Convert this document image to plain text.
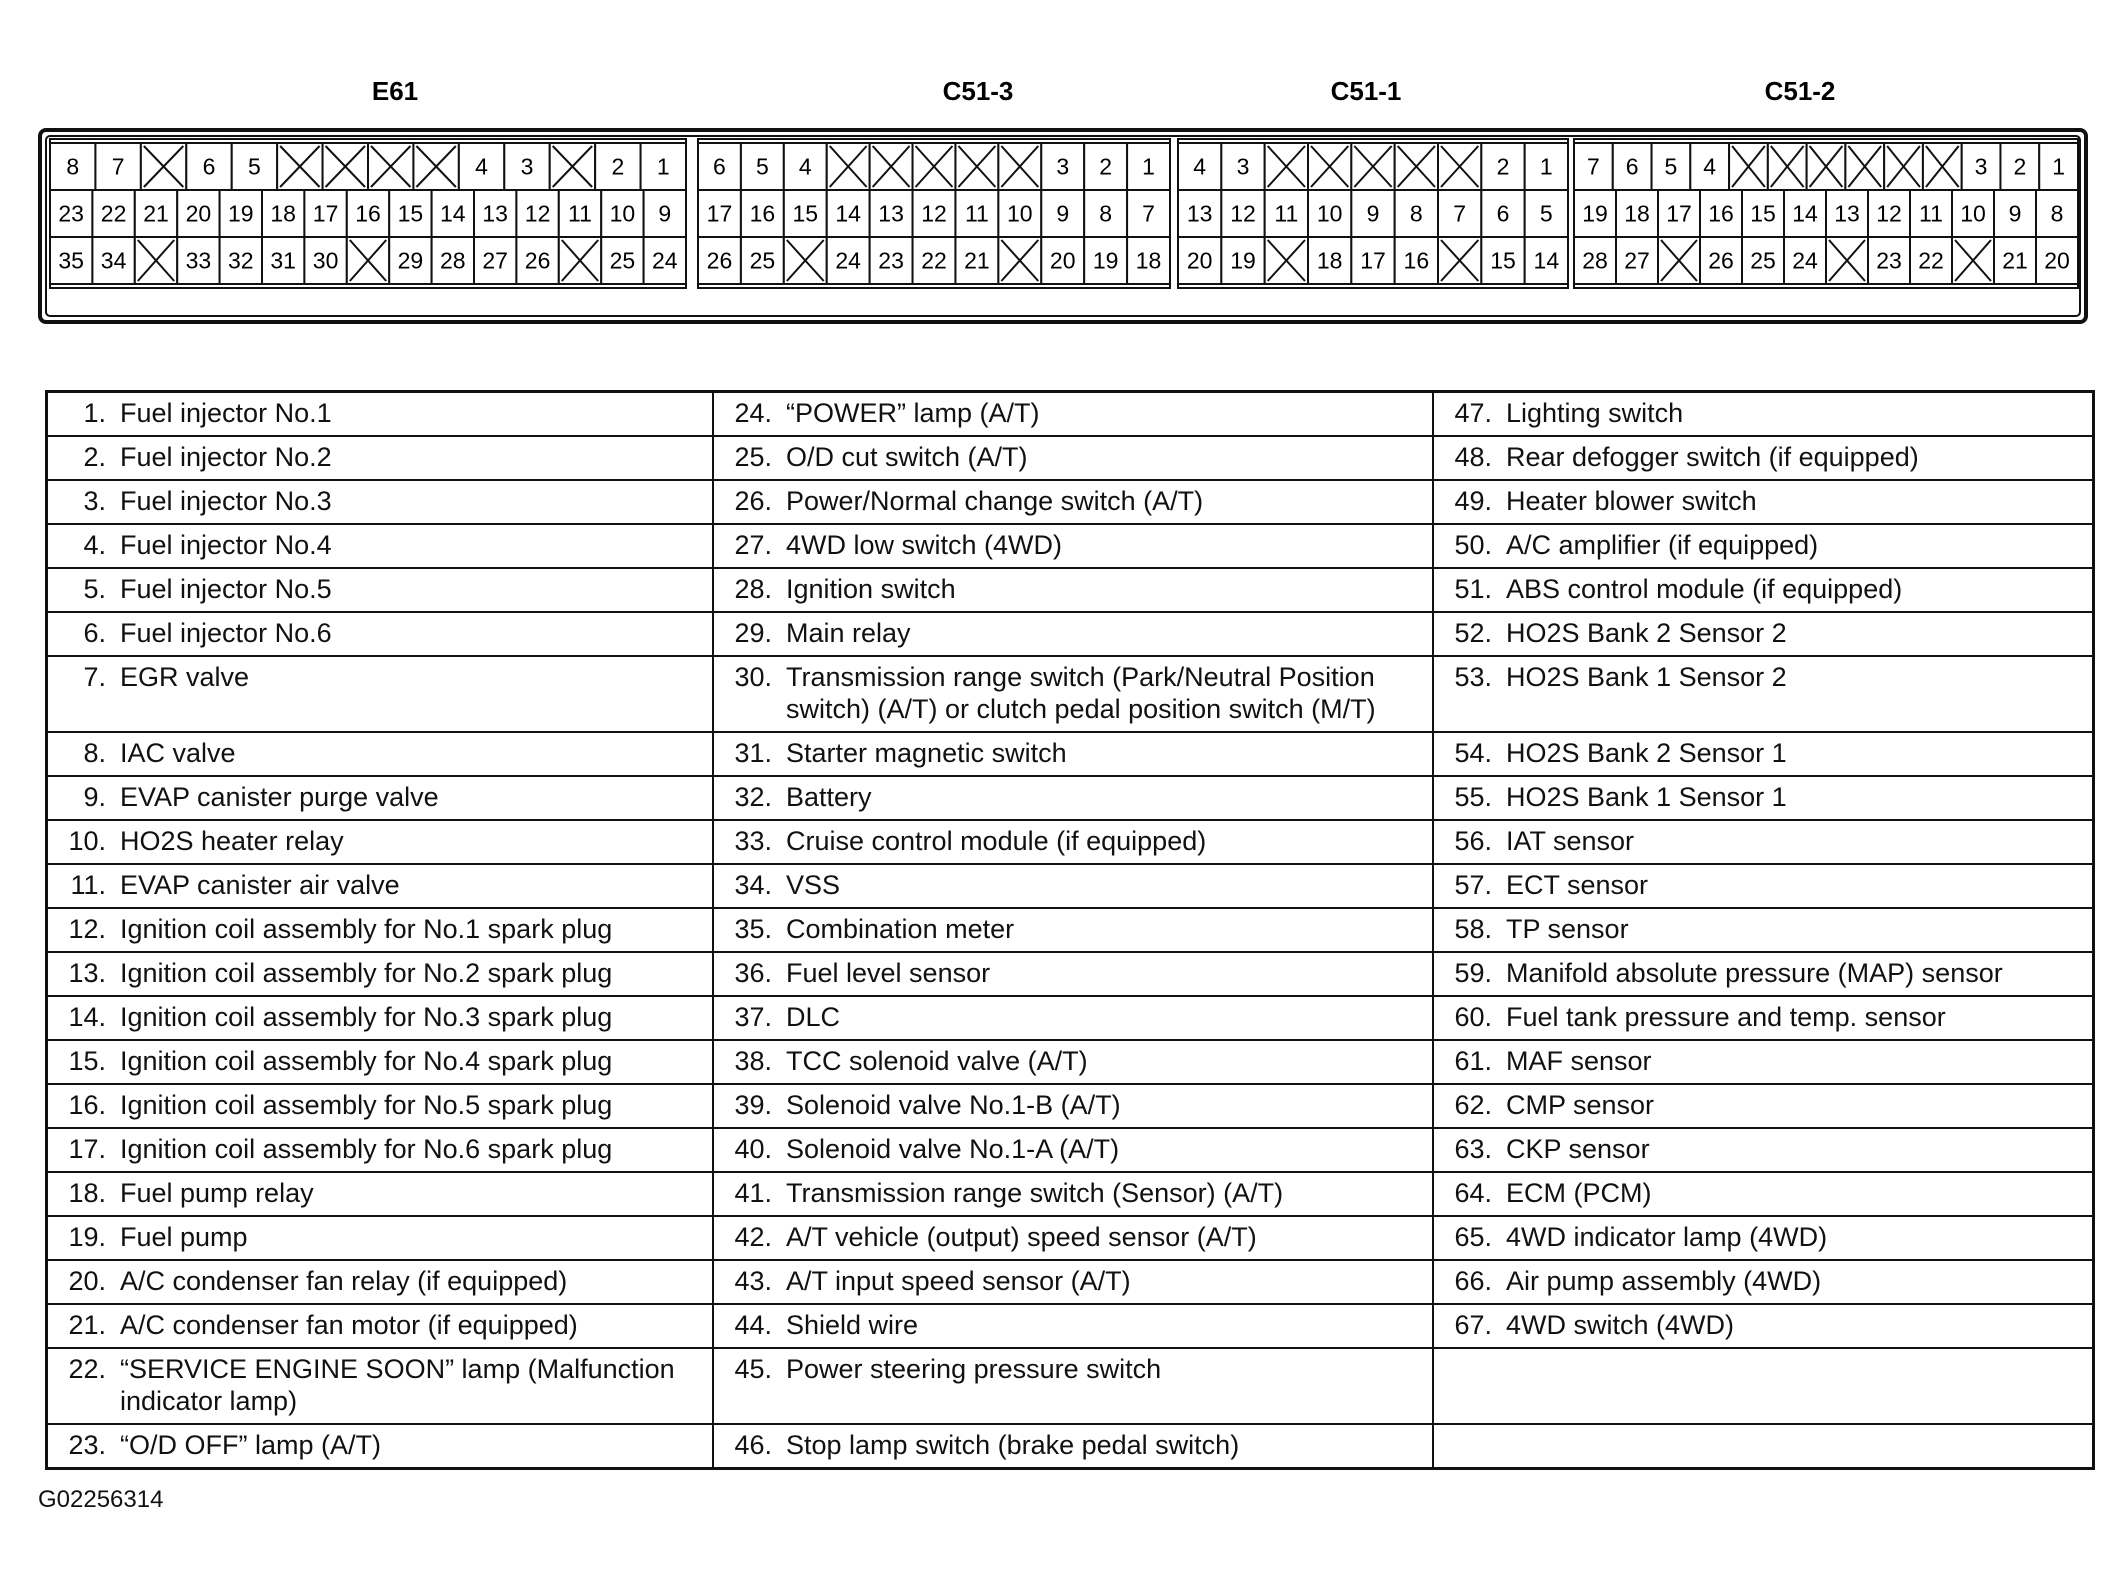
E61
8 7	6 5	4 3	2 1
23 22 21 20 19 18 17 16 15 14 13 12 11 10 9
35 34	33 32 31 30	29 28 27 26	25 24
C51-3
6 5 4	3 2 1
17 16 15 14 13 12 11 10 9 8 7
26 25	24 23 22 21	20 19 18
C51-1
4 3	2 1
13 12 11 10 9 8 7 6 5
20 19	18 17 16	15 14
C51-2
7 6 5 4	3 2 1
19 18 17 16 15 14 13 12 11 10 9 8
28 27	26 25 24	23 22	21 20
1. Fuel injector No.1	24. “POWER” lamp (A/T)	47. Lighting switch

2. Fuel injector No.2	25. O/D cut switch (A/T)	48. Rear defogger switch (if equipped)

3. Fuel injector No.3	26. Power/Normal change switch (A/T)	49. Heater blower switch

4. Fuel injector No.4	27. 4WD low switch (4WD)	50. A/C amplifier (if equipped)

5. Fuel injector No.5	28. Ignition switch	51. ABS control module (if equipped)

6. Fuel injector No.6	29. Main relay	52. HO2S Bank 2 Sensor 2

7. EGR valve	30. Transmission range switch (Park/Neutral Position switch) (A/T) or clutch pedal position switch (M/T)	53. HO2S Bank 1 Sensor 2

8. IAC valve	31. Starter magnetic switch	54. HO2S Bank 2 Sensor 1

9. EVAP canister purge valve	32. Battery	55. HO2S Bank 1 Sensor 1

10. HO2S heater relay	33. Cruise control module (if equipped)	56. IAT sensor

11. EVAP canister air valve	34. VSS	57. ECT sensor

12. Ignition coil assembly for No.1 spark plug	35. Combination meter	58. TP sensor

13. Ignition coil assembly for No.2 spark plug	36. Fuel level sensor	59. Manifold absolute pressure (MAP) sensor

14. Ignition coil assembly for No.3 spark plug	37. DLC	60. Fuel tank pressure and temp. sensor

15. Ignition coil assembly for No.4 spark plug	38. TCC solenoid valve (A/T)	61. MAF sensor

16. Ignition coil assembly for No.5 spark plug	39. Solenoid valve No.1-B (A/T)	62. CMP sensor

17. Ignition coil assembly for No.6 spark plug	40. Solenoid valve No.1-A (A/T)	63. CKP sensor

18. Fuel pump relay	41. Transmission range switch (Sensor) (A/T)	64. ECM (PCM)

19. Fuel pump	42. A/T vehicle (output) speed sensor (A/T)	65. 4WD indicator lamp (4WD)

20. A/C condenser fan relay (if equipped)	43. A/T input speed sensor (A/T)	66. Air pump assembly (4WD)

21. A/C condenser fan motor (if equipped)	44. Shield wire	67. 4WD switch (4WD)

22. “SERVICE ENGINE SOON” lamp (Malfunction indicator lamp)	45. Power steering pressure switch	

23. “O/D OFF” lamp (A/T)	46. Stop lamp switch (brake pedal switch)	

G02256314
